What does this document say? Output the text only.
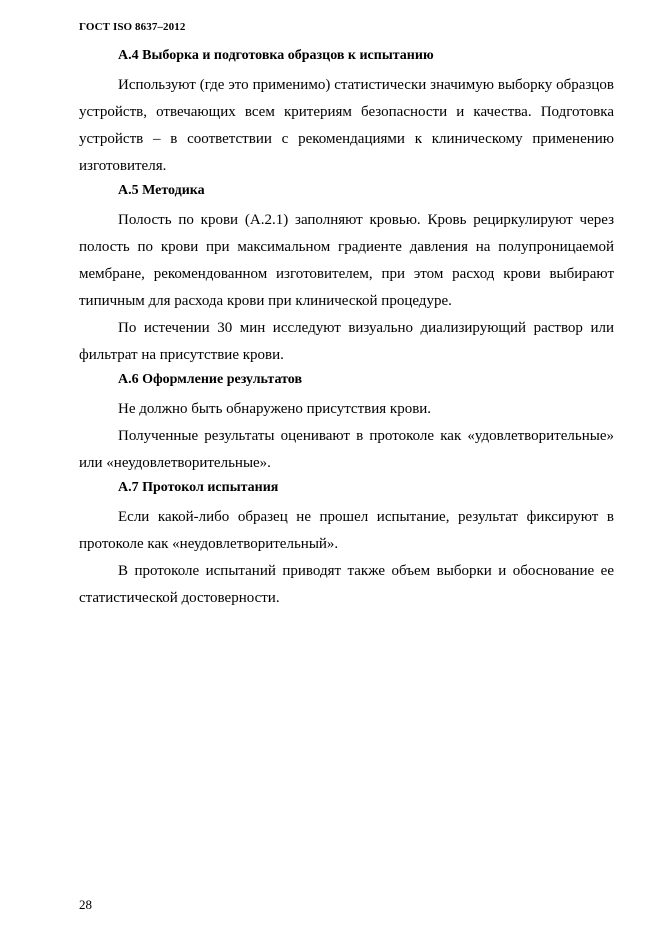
ГОСТ ISO 8637–2012

A.4 Выборка и подготовка образцов к испытанию

Используют (где это применимо) статистически значимую выборку образцов устройств, отвечающих всем критериям безопасности и качества. Подготовка устройств – в соответствии с рекомендациями к клиническому применению изготовителя.

A.5 Методика

Полость по крови (А.2.1) заполняют кровью. Кровь рециркулируют через полость по крови при максимальном градиенте давления на полупроницаемой мембране, рекомендованном изготовителем, при этом расход крови выбирают типичным для расхода крови при клинической процедуре.

По истечении 30 мин исследуют визуально диализирующий раствор или фильтрат на присутствие крови.

A.6 Оформление результатов

Не должно быть обнаружено присутствия крови.

Полученные результаты оценивают в протоколе как «удовлетворительные» или «неудовлетворительные».

A.7 Протокол испытания

Если какой-либо образец не прошел испытание, результат фиксируют в протоколе как «неудовлетворительный».

В протоколе испытаний приводят также объем выборки и обоснование ее статистической достоверности.

28
